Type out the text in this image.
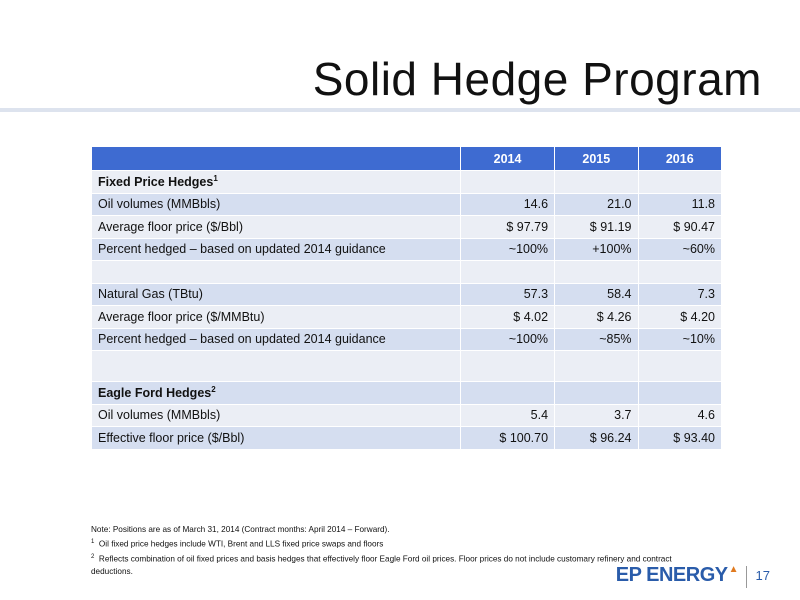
Solid Hedge Program
	2014	2015	2016
Fixed Price Hedges$^1$			
Oil volumes (MMBbls)	14.6	21.0	11.8
Average floor price ($/Bbl)	$ 97.79	$ 91.19	$ 90.47
Percent hedged – based on updated 2014 guidance	~100%	+100%	~60%

Natural Gas (TBtu)	57.3	58.4	7.3
Average floor price ($/MMBtu)	$ 4.02	$ 4.26	$ 4.20
Percent hedged – based on updated 2014 guidance	~100%	~85%	~10%

Eagle Ford Hedges$^2$			
Oil volumes (MMBbls)	5.4	3.7	4.6
Effective floor price ($/Bbl)	$ 100.70	$ 96.24	$ 93.40
Note: Positions are as of March 31, 2014 (Contract months: April 2014 – Forward).
$^1$ Oil fixed price hedges include WTI, Brent and LLS fixed price swaps and floors
$^2$ Reflects combination of oil fixed prices and basis hedges that effectively floor Eagle Ford oil prices. Floor prices do not include customary refinery and contract deductions.	EP ENERGY▲ 17
